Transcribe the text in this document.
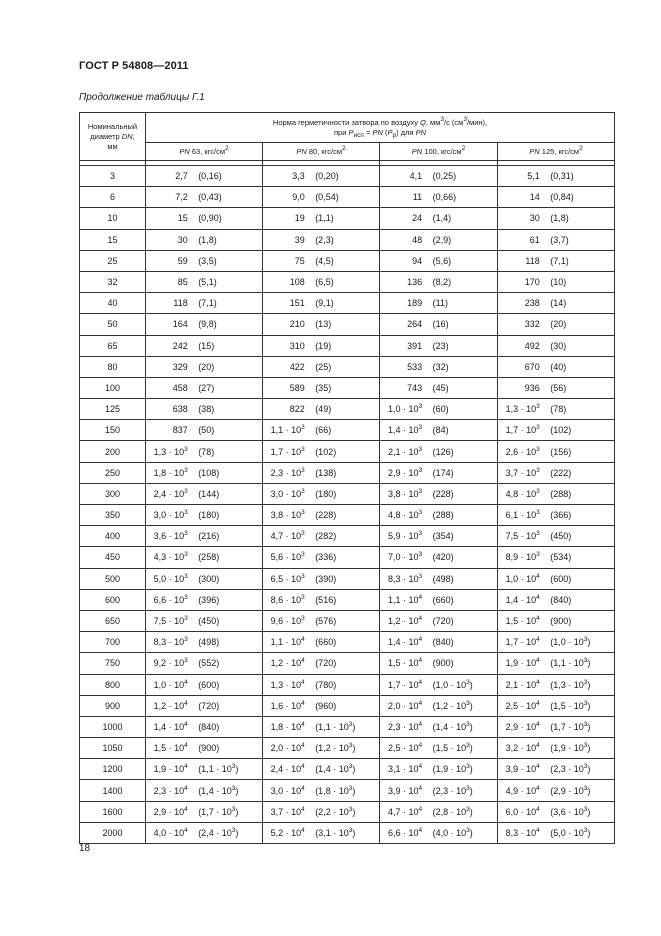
ГОСТ Р 54808—2011
Продолжение таблицы Г.1
Номинальный
диаметр DN,
мм	Норма герметичности затвора по воздуху Q, $мм^3/с$ $(см^3/мин)$,
при $P_{исп}$ = PN $(P_р)$ для PN			
	PN 63, кгс/$см^2$	PN 80, кгс/$см^2$	PN 100, кгс/$см^2$	PN 125, кгс/$см^2$

3	2,7 (0,16)	3,3 (0,20)	4,1 (0,25)	5,1 (0,31)

6	7,2 (0,43)	9,0 (0,54)	11 (0,66)	14 (0,84)

10	15 (0,90)	19 (1,1)	24 (1,4)	30 (1,8)

15	30 (1,8)	39 (2,3)	48 (2,9)	61 (3,7)

25	59 (3,5)	75 (4,5)	94 (5,6)	118 (7,1)

32	85 (5,1)	108 (6,5)	136 (8,2)	170 (10)

40	118 (7,1)	151 (9,1)	189 (11)	238 (14)

50	164 (9,8)	210 (13)	264 (16)	332 (20)

65	242 (15)	310 (19)	391 (23)	492 (30)

80	329 (20)	422 (25)	533 (32)	670 (40)

100	458 (27)	589 (35)	743 (45)	936 (56)

125	638 (38)	822 (49)	$1,0 \cdot 10^3$ (60)	$1,3 \cdot 10^3$ (78)

150	837 (50)	$1,1 \cdot 10^3$ (66)	$1,4 \cdot 10^3$ (84)	$1,7 \cdot 10^3$ (102)

200	$1,3 \cdot 10^3$ (78)	$1,7 \cdot 10^3$ (102)	$2,1 \cdot 10^3$ (126)	$2,6 \cdot 10^3$ (156)

250	$1,8 \cdot 10^3$ (108)	$2,3 \cdot 10^3$ (138)	$2,9 \cdot 10^3$ (174)	$3,7 \cdot 10^3$ (222)

300	$2,4 \cdot 10^3$ (144)	$3,0 \cdot 10^3$ (180)	$3,8 \cdot 10^3$ (228)	$4,8 \cdot 10^3$ (288)

350	$3,0 \cdot 10^3$ (180)	$3,8 \cdot 10^3$ (228)	$4,8 \cdot 10^3$ (288)	$6,1 \cdot 10^3$ (366)

400	$3,6 \cdot 10^3$ (216)	$4,7 \cdot 10^3$ (282)	$5,9 \cdot 10^3$ (354)	$7,5 \cdot 10^3$ (450)

450	$4,3 \cdot 10^3$ (258)	$5,6 \cdot 10^3$ (336)	$7,0 \cdot 10^3$ (420)	$8,9 \cdot 10^3$ (534)

500	$5,0 \cdot 10^3$ (300)	$6,5 \cdot 10^3$ (390)	$8,3 \cdot 10^3$ (498)	$1,0 \cdot 10^4$ (600)

600	$6,6 \cdot 10^3$ (396)	$8,6 \cdot 10^3$ (516)	$1,1 \cdot 10^4$ (660)	$1,4 \cdot 10^4$ (840)

650	$7,5 \cdot 10^3$ (450)	$9,6 \cdot 10^3$ (576)	$1,2 \cdot 10^4$ (720)	$1,5 \cdot 10^4$ (900)

700	$8,3 \cdot 10^3$ (498)	$1,1 \cdot 10^4$ (660)	$1,4 \cdot 10^4$ (840)	$1,7 \cdot 10^4$ $(1,0 \cdot 10^3)$

750	$9,2 \cdot 10^3$ (552)	$1,2 \cdot 10^4$ (720)	$1,5 \cdot 10^4$ (900)	$1,9 \cdot 10^4$ $(1,1 \cdot 10^3)$

800	$1,0 \cdot 10^4$ (600)	$1,3 \cdot 10^4$ (780)	$1,7 \cdot 10^4$ $(1,0 \cdot 10^3)$	$2,1 \cdot 10^4$ $(1,3 \cdot 10^3)$

900	$1,2 \cdot 10^4$ (720)	$1,6 \cdot 10^4$ (960)	$2,0 \cdot 10^4$ $(1,2 \cdot 10^3)$	$2,5 \cdot 10^4$ $(1,5 \cdot 10^3)$

1000	$1,4 \cdot 10^4$ (840)	$1,8 \cdot 10^4$ $(1,1 \cdot 10^3)$	$2,3 \cdot 10^4$ $(1,4 \cdot 10^3)$	$2,9 \cdot 10^4$ $(1,7 \cdot 10^3)$

1050	$1,5 \cdot 10^4$ (900)	$2,0 \cdot 10^4$ $(1,2 \cdot 10^3)$	$2,5 \cdot 10^4$ $(1,5 \cdot 10^3)$	$3,2 \cdot 10^4$ $(1,9 \cdot 10^3)$

1200	$1,9 \cdot 10^4$ $(1,1 \cdot 10^3)$	$2,4 \cdot 10^4$ $(1,4 \cdot 10^3)$	$3,1 \cdot 10^4$ $(1,9 \cdot 10^3)$	$3,9 \cdot 10^4$ $(2,3 \cdot 10^3)$

1400	$2,3 \cdot 10^4$ $(1,4 \cdot 10^3)$	$3,0 \cdot 10^4$ $(1,8 \cdot 10^3)$	$3,9 \cdot 10^4$ $(2,3 \cdot 10^3)$	$4,9 \cdot 10^4$ $(2,9 \cdot 10^3)$

1600	$2,9 \cdot 10^4$ $(1,7 \cdot 10^3)$	$3,7 \cdot 10^4$ $(2,2 \cdot 10^3)$	$4,7 \cdot 10^4$ $(2,8 \cdot 10^3)$	$6,0 \cdot 10^4$ $(3,6 \cdot 10^3)$

2000	$4,0 \cdot 10^4$ $(2,4 \cdot 10^3)$	$5,2 \cdot 10^4$ $(3,1 \cdot 10^3)$	$6,6 \cdot 10^4$ $(4,0 \cdot 10^3)$	$8,3 \cdot 10^4$ $(5,0 \cdot 10^3)$
18
